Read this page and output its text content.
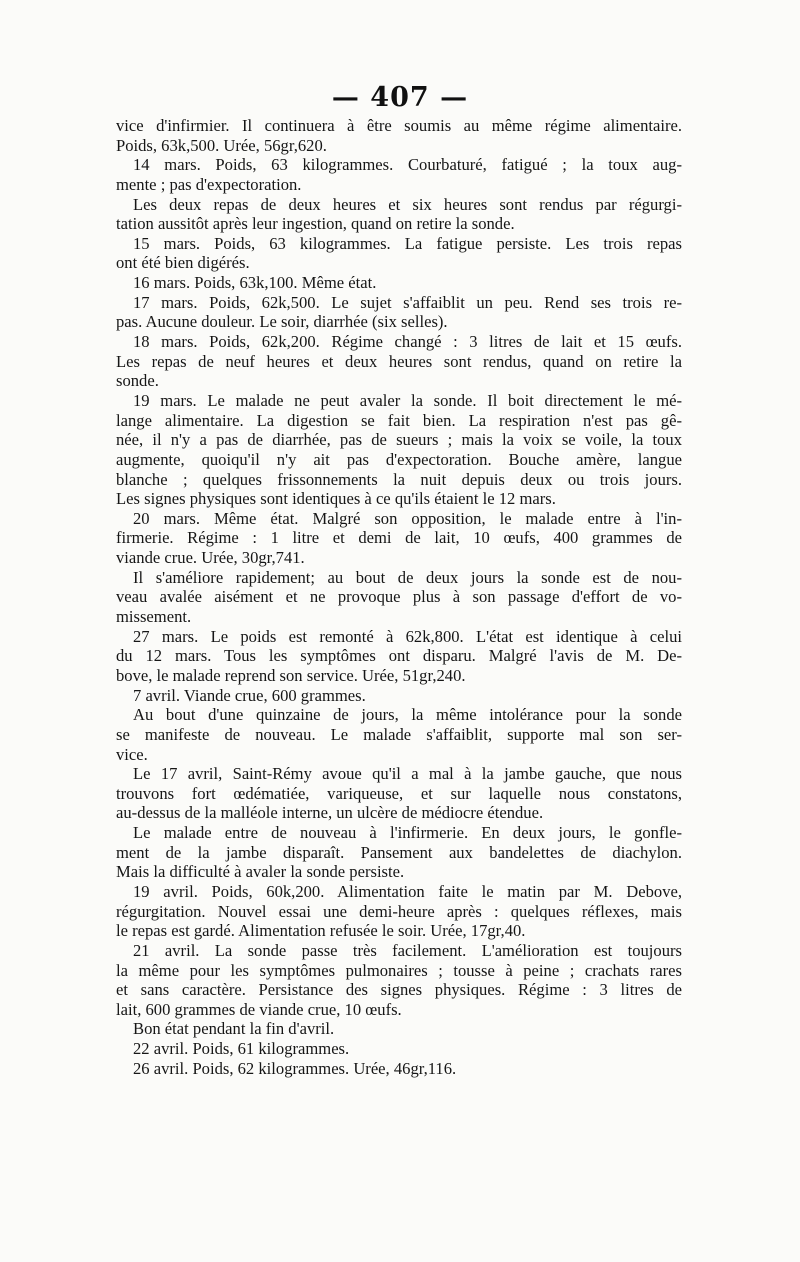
— 407 —
vice d'infirmier. Il continuera à être soumis au même régime alimentaire.
Poids, 63k,500. Urée, 56gr,620.
14 mars. Poids, 63 kilogrammes. Courbaturé, fatigué ; la toux aug-
mente ; pas d'expectoration.
Les deux repas de deux heures et six heures sont rendus par régurgi-
tation aussitôt après leur ingestion, quand on retire la sonde.
15 mars. Poids, 63 kilogrammes. La fatigue persiste. Les trois repas
ont été bien digérés.
16 mars. Poids, 63k,100. Même état.
17 mars. Poids, 62k,500. Le sujet s'affaiblit un peu. Rend ses trois re-
pas. Aucune douleur. Le soir, diarrhée (six selles).
18 mars. Poids, 62k,200. Régime changé : 3 litres de lait et 15 œufs.
Les repas de neuf heures et deux heures sont rendus, quand on retire la
sonde.
19 mars. Le malade ne peut avaler la sonde. Il boit directement le mé-
lange alimentaire. La digestion se fait bien. La respiration n'est pas gê-
née, il n'y a pas de diarrhée, pas de sueurs ; mais la voix se voile, la toux
augmente, quoiqu'il n'y ait pas d'expectoration. Bouche amère, langue
blanche ; quelques frissonnements la nuit depuis deux ou trois jours.
Les signes physiques sont identiques à ce qu'ils étaient le 12 mars.
20 mars. Même état. Malgré son opposition, le malade entre à l'in-
firmerie. Régime : 1 litre et demi de lait, 10 œufs, 400 grammes de
viande crue. Urée, 30gr,741.
Il s'améliore rapidement; au bout de deux jours la sonde est de nou-
veau avalée aisément et ne provoque plus à son passage d'effort de vo-
missement.
27 mars. Le poids est remonté à 62k,800. L'état est identique à celui
du 12 mars. Tous les symptômes ont disparu. Malgré l'avis de M. De-
bove, le malade reprend son service. Urée, 51gr,240.
7 avril. Viande crue, 600 grammes.
Au bout d'une quinzaine de jours, la même intolérance pour la sonde
se manifeste de nouveau. Le malade s'affaiblit, supporte mal son ser-
vice.
Le 17 avril, Saint-Rémy avoue qu'il a mal à la jambe gauche, que nous
trouvons fort œdématiée, variqueuse, et sur laquelle nous constatons,
au-dessus de la malléole interne, un ulcère de médiocre étendue.
Le malade entre de nouveau à l'infirmerie. En deux jours, le gonfle-
ment de la jambe disparaît. Pansement aux bandelettes de diachylon.
Mais la difficulté à avaler la sonde persiste.
19 avril. Poids, 60k,200. Alimentation faite le matin par M. Debove,
régurgitation. Nouvel essai une demi-heure après : quelques réflexes, mais
le repas est gardé. Alimentation refusée le soir. Urée, 17gr,40.
21 avril. La sonde passe très facilement. L'amélioration est toujours
la même pour les symptômes pulmonaires ; tousse à peine ; crachats rares
et sans caractère. Persistance des signes physiques. Régime : 3 litres de
lait, 600 grammes de viande crue, 10 œufs.
Bon état pendant la fin d'avril.
22 avril. Poids, 61 kilogrammes.
26 avril. Poids, 62 kilogrammes. Urée, 46gr,116.
